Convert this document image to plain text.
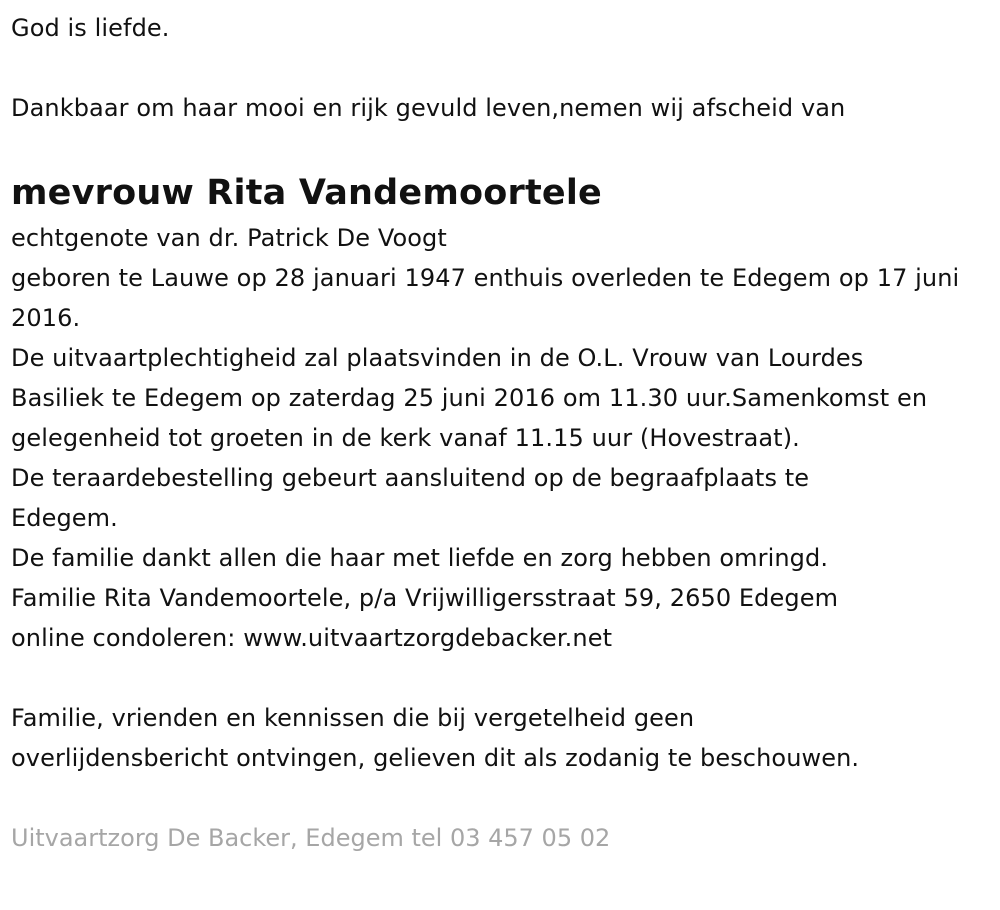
God is liefde.
Dankbaar om haar mooi en rijk gevuld leven,nemen wij afscheid van
mevrouw Rita Vandemoortele
echtgenote van dr. Patrick De Voogt
geboren te Lauwe op 28 januari 1947 enthuis overleden te Edegem op 17 juni 2016.
De uitvaartplechtigheid zal plaatsvinden in de O.L. Vrouw van Lourdes Basiliek te Edegem op zaterdag 25 juni 2016 om 11.30 uur.Samenkomst en gelegenheid tot groeten in de kerk vanaf 11.15 uur (Hovestraat).
De teraardebestelling gebeurt aansluitend op de begraafplaats te Edegem.
De familie dankt allen die haar met liefde en zorg hebben omringd.
Familie Rita Vandemoortele, p/a Vrijwilligersstraat 59, 2650 Edegem
online condoleren: www.uitvaartzorgdebacker.net
Familie, vrienden en kennissen die bij vergetelheid geen
overlijdensbericht ontvingen, gelieven dit als zodanig te beschouwen.
Uitvaartzorg De Backer, Edegem tel 03 457 05 02
